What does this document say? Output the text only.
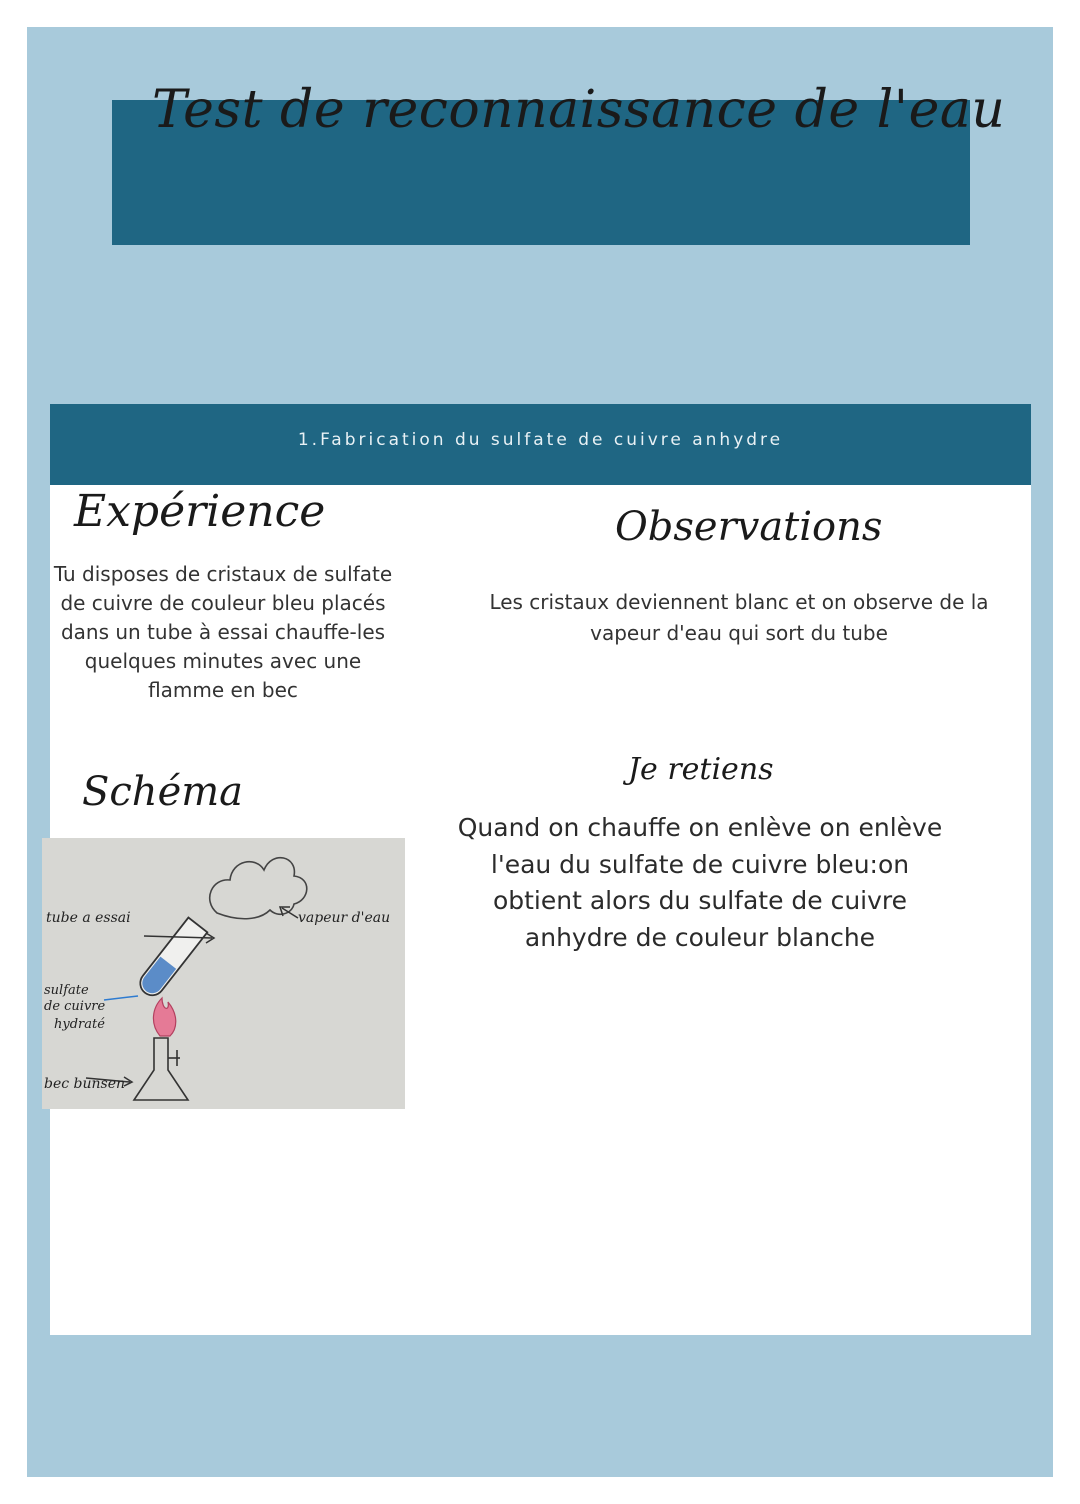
Test de reconnaissance de l'eau
1.Fabrication du sulfate de cuivre anhydre
Expérience

Tu disposes de cristaux de sulfate de cuivre de couleur bleu placés dans un tube à essai chauffe-les quelques minutes avec une flamme en bec

Observations

Les cristaux deviennent blanc et on observe de la vapeur d'eau qui sort du tube

Schéma
tube a essai	vapeur d'eau
sulfate
de cuivre
hydraté
bec bunsen
Je retiens

Quand on chauffe on enlève on enlève l'eau du sulfate de cuivre bleu:on obtient alors du sulfate de cuivre anhydre de couleur blanche
